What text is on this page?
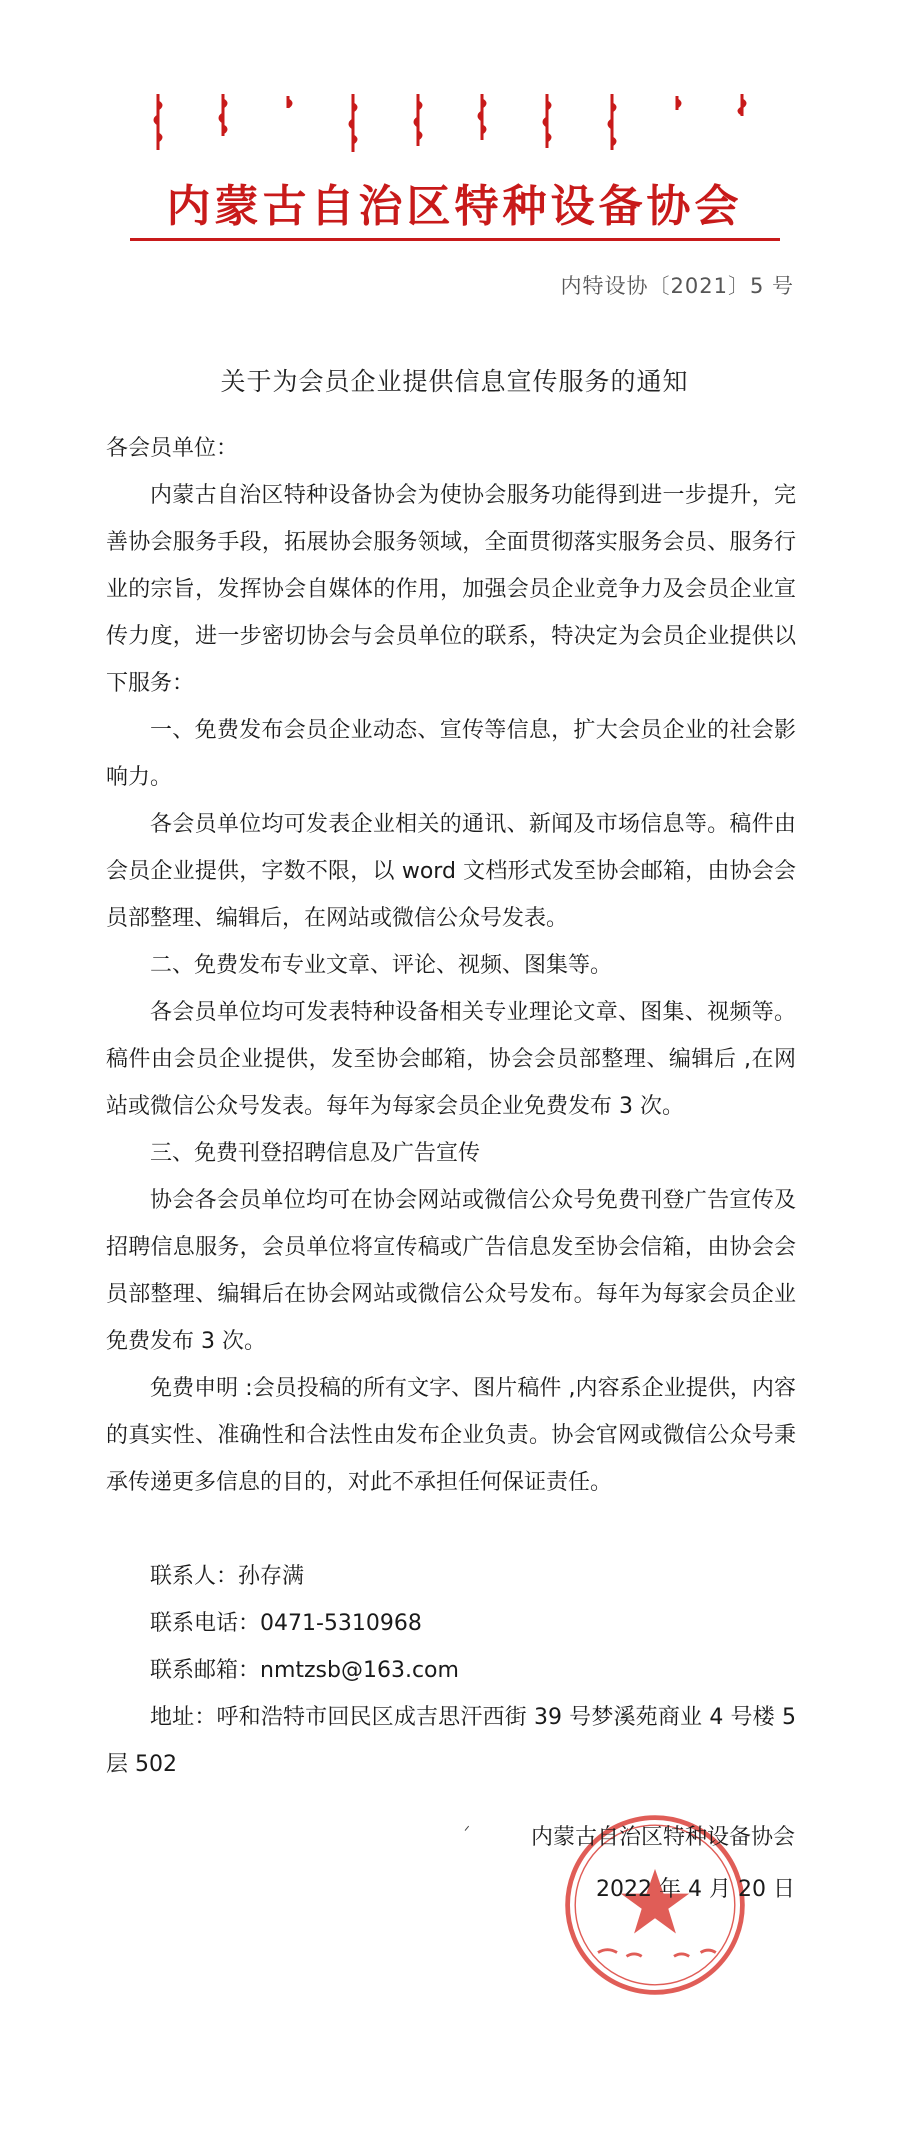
内蒙古自治区特种设备协会
内特设协〔2021〕5 号
关于为会员企业提供信息宣传服务的通知

各会员单位：

内蒙古自治区特种设备协会为使协会服务功能得到进一步提升，完善协会服务手段，拓展协会服务领域，全面贯彻落实服务会员、服务行业的宗旨，发挥协会自媒体的作用，加强会员企业竞争力及会员企业宣传力度，进一步密切协会与会员单位的联系，特决定为会员企业提供以下服务：

一、免费发布会员企业动态、宣传等信息，扩大会员企业的社会影响力。

各会员单位均可发表企业相关的通讯、新闻及市场信息等。稿件由会员企业提供，字数不限，以 word 文档形式发至协会邮箱，由协会会员部整理、编辑后，在网站或微信公众号发表。

二、免费发布专业文章、评论、视频、图集等。

各会员单位均可发表特种设备相关专业理论文章、图集、视频等。稿件由会员企业提供，发至协会邮箱，协会会员部整理、编辑后 ,在网站或微信公众号发表。每年为每家会员企业免费发布 3 次。

三、免费刊登招聘信息及广告宣传

协会各会员单位均可在协会网站或微信公众号免费刊登广告宣传及招聘信息服务，会员单位将宣传稿或广告信息发至协会信箱，由协会会员部整理、编辑后在协会网站或微信公众号发布。每年为每家会员企业免费发布 3 次。

免费申明 :会员投稿的所有文字、图片稿件 ,内容系企业提供，内容的真实性、准确性和合法性由发布企业负责。协会官网或微信公众号秉承传递更多信息的目的，对此不承担任何保证责任。

联系人：孙存满

联系电话：0471-5310968

联系邮箱：nmtzsb@163.com

地址：呼和浩特市回民区成吉思汗西街 39 号梦溪苑商业 4 号楼 5 层 502

ᐟ	内蒙古自治区特种设备协会
2022 年 4 月 20 日
